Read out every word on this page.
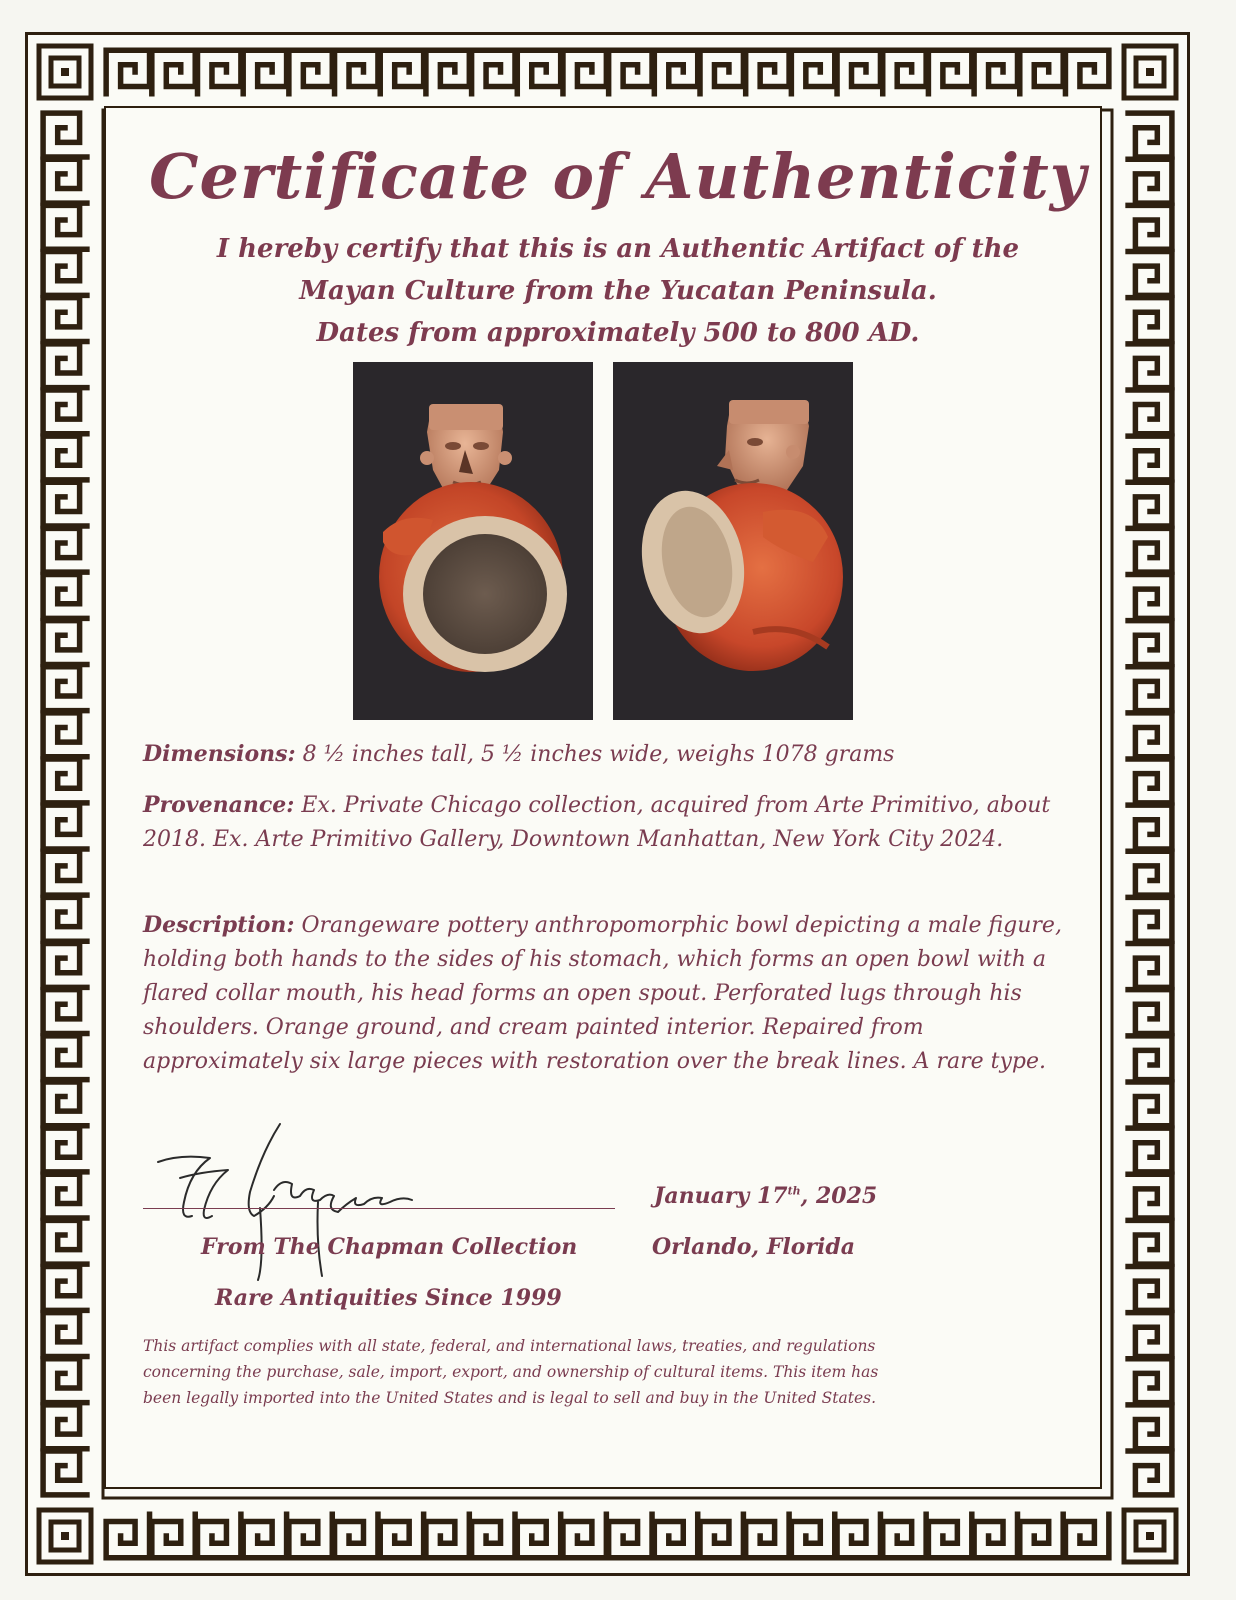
Certificate of Authenticity
I hereby certify that this is an Authentic Artifact of the
Mayan Culture from the Yucatan Peninsula.
Dates from approximately 500 to 800 AD.
Dimensions: 8 ½ inches tall, 5 ½ inches wide, weighs 1078 grams
Provenance: Ex. Private Chicago collection, acquired from Arte Primitivo, about 2018. Ex. Arte Primitivo Gallery, Downtown Manhattan, New York City 2024.
Description: Orangeware pottery anthropomorphic bowl depicting a male figure, holding both hands to the sides of his stomach, which forms an open bowl with a flared collar mouth, his head forms an open spout. Perforated lugs through his shoulders. Orange ground, and cream painted interior. Repaired from approximately six large pieces with restoration over the break lines. A rare type.
From The Chapman Collection
Rare Antiquities Since 1999
January 17th, 2025
Orlando, Florida
This artifact complies with all state, federal, and international laws, treaties, and regulations
concerning the purchase, sale, import, export, and ownership of cultural items. This item has
been legally imported into the United States and is legal to sell and buy in the United States.
